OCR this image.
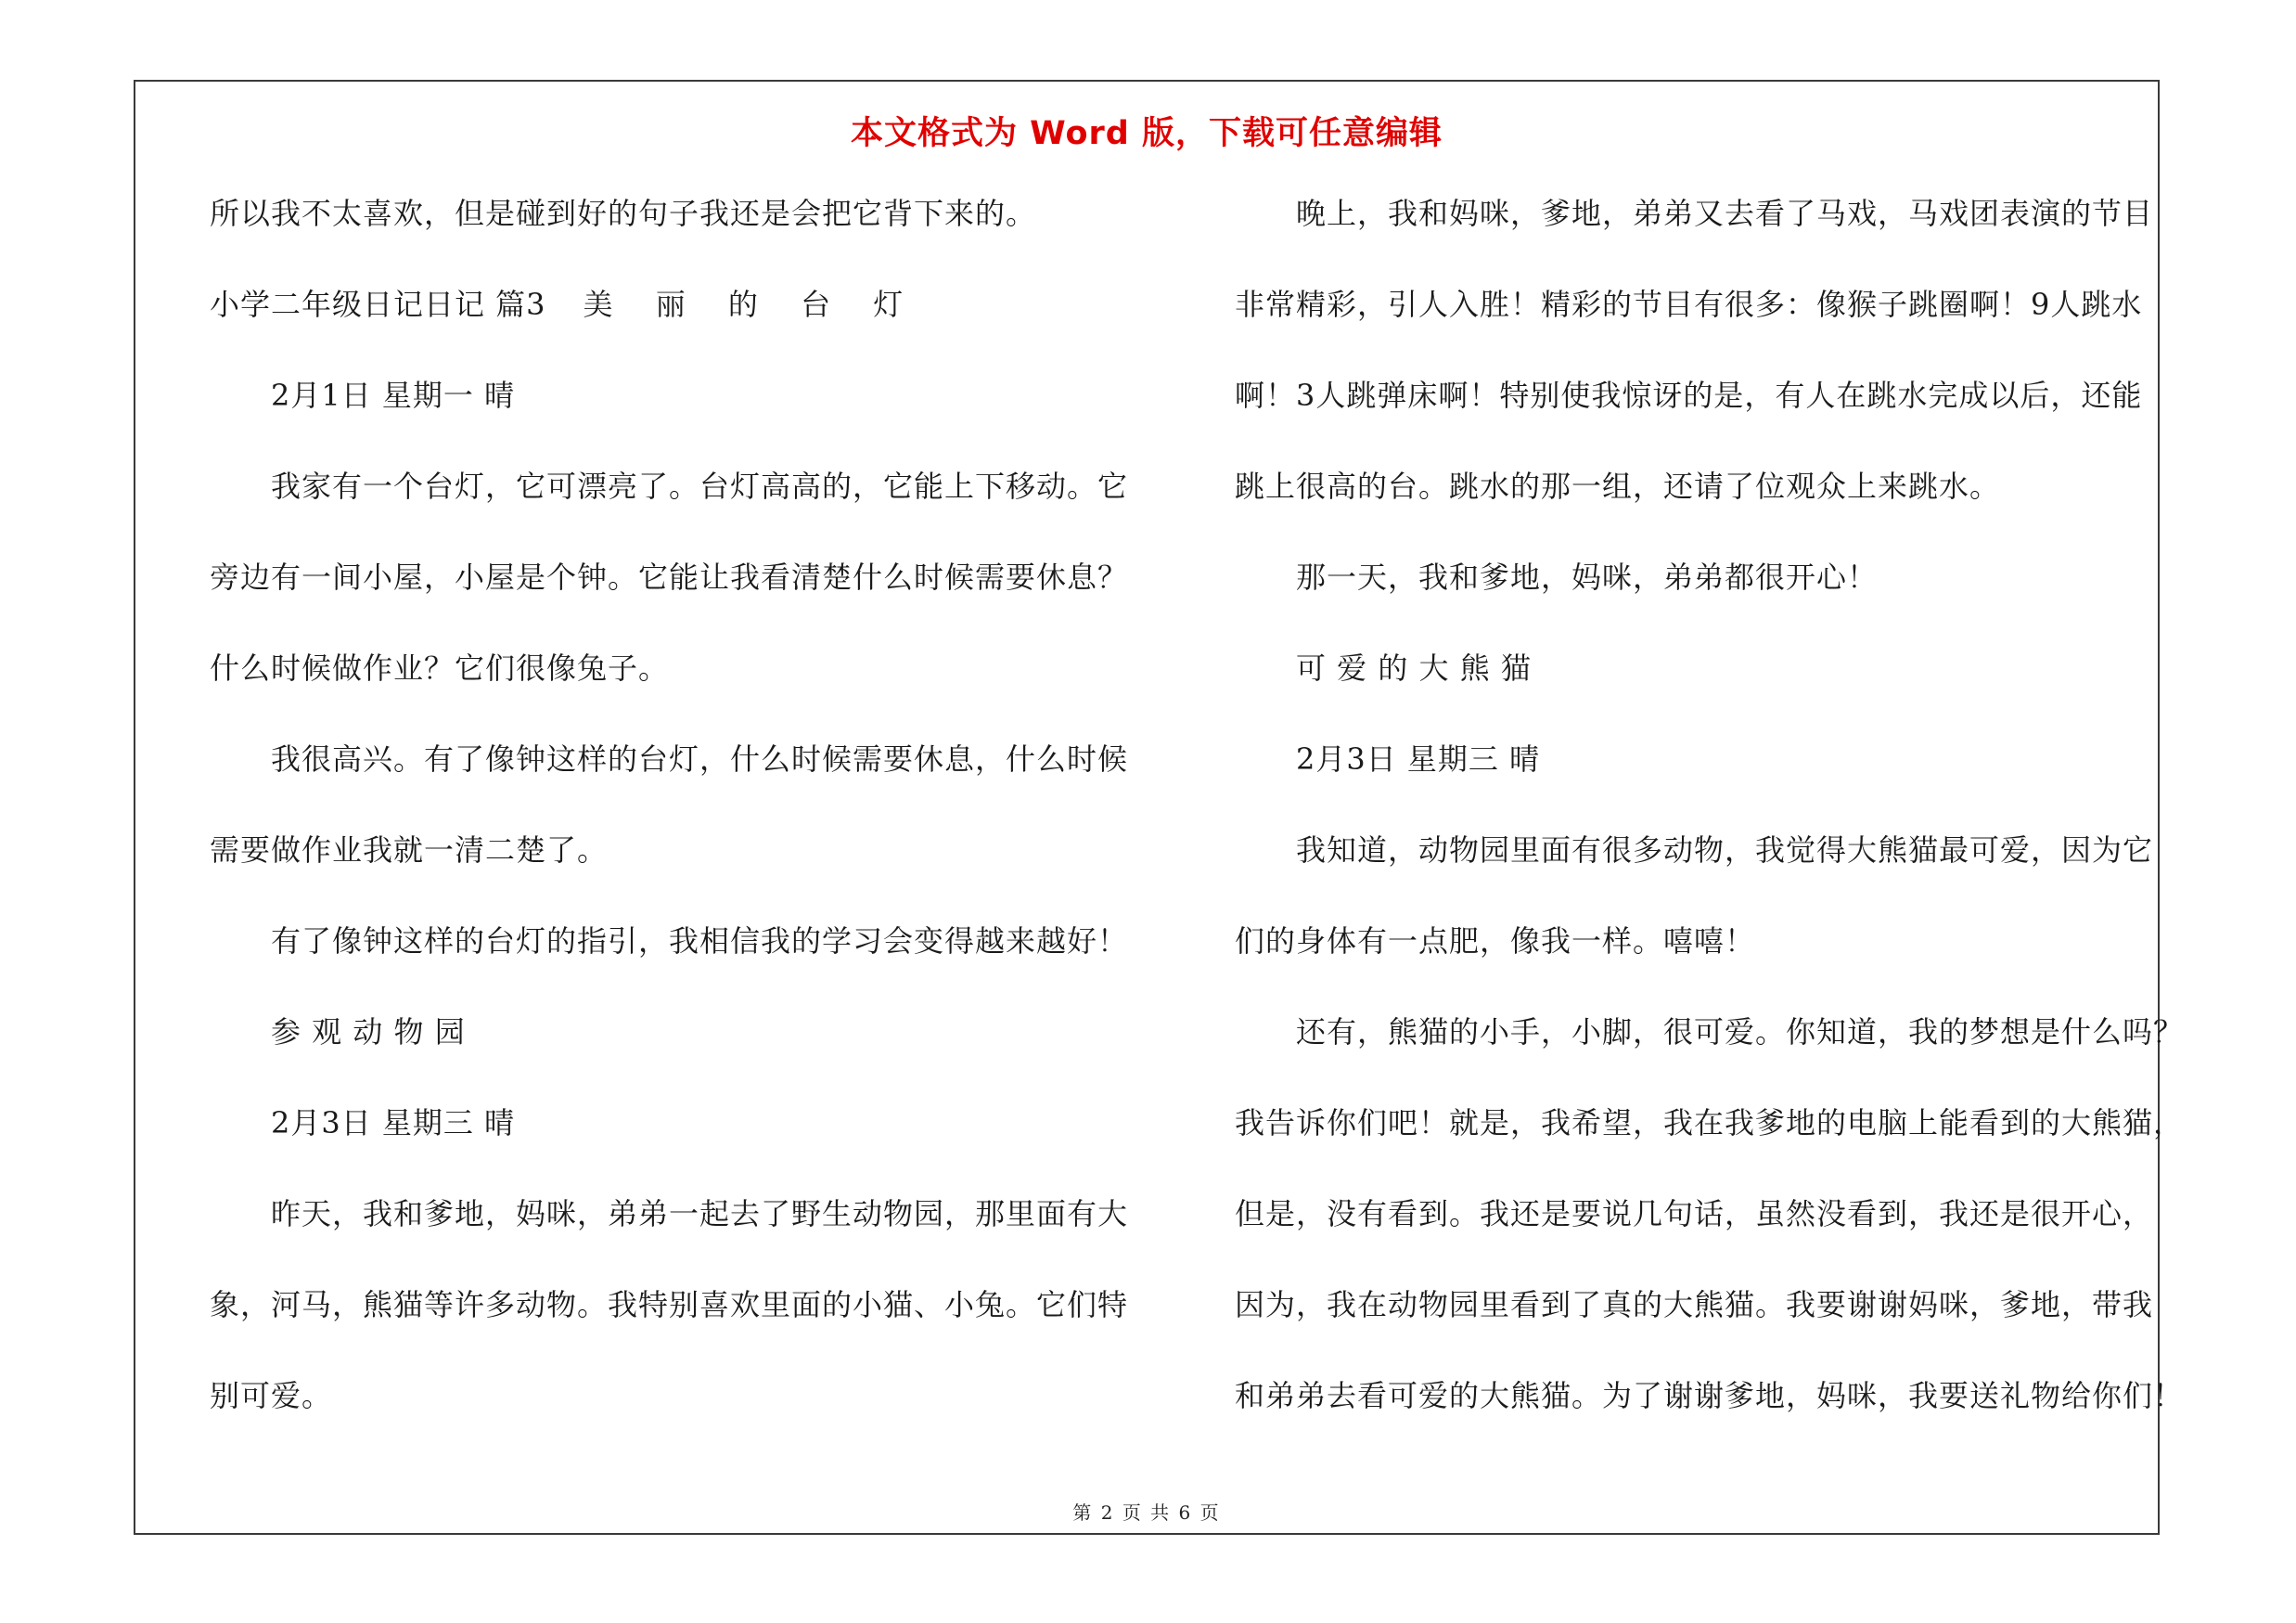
本文格式为 Word 版，下载可任意编辑
所以我不太喜欢，但是碰到好的句子我还是会把它背下来的。
小学二年级日记日记 篇3 美 丽 的 台 灯
2月1日 星期一 晴
我家有一个台灯，它可漂亮了。台灯高高的，它能上下移动。它
旁边有一间小屋，小屋是个钟。它能让我看清楚什么时候需要休息？
什么时候做作业？它们很像兔子。
我很高兴。有了像钟这样的台灯，什么时候需要休息，什么时候
需要做作业我就一清二楚了。
有了像钟这样的台灯的指引，我相信我的学习会变得越来越好！
参 观 动 物 园
2月3日 星期三 晴
昨天，我和爹地，妈咪，弟弟一起去了野生动物园，那里面有大
象，河马，熊猫等许多动物。我特别喜欢里面的小猫、小兔。它们特
别可爱。
晚上，我和妈咪，爹地，弟弟又去看了马戏，马戏团表演的节目
非常精彩，引人入胜！精彩的节目有很多：像猴子跳圈啊！9人跳水
啊！3人跳弹床啊！特别使我惊讶的是，有人在跳水完成以后，还能
跳上很高的台。跳水的那一组，还请了位观众上来跳水。
那一天，我和爹地，妈咪，弟弟都很开心！
可 爱 的 大 熊 猫
2月3日 星期三 晴
我知道，动物园里面有很多动物，我觉得大熊猫最可爱，因为它
们的身体有一点肥，像我一样。嘻嘻！
还有，熊猫的小手，小脚，很可爱。你知道，我的梦想是什么吗？
我告诉你们吧！就是，我希望，我在我爹地的电脑上能看到的大熊猫，
但是，没有看到。我还是要说几句话，虽然没看到，我还是很开心，
因为，我在动物园里看到了真的大熊猫。我要谢谢妈咪，爹地，带我
和弟弟去看可爱的大熊猫。为了谢谢爹地，妈咪，我要送礼物给你们！
第 2 页 共 6 页
